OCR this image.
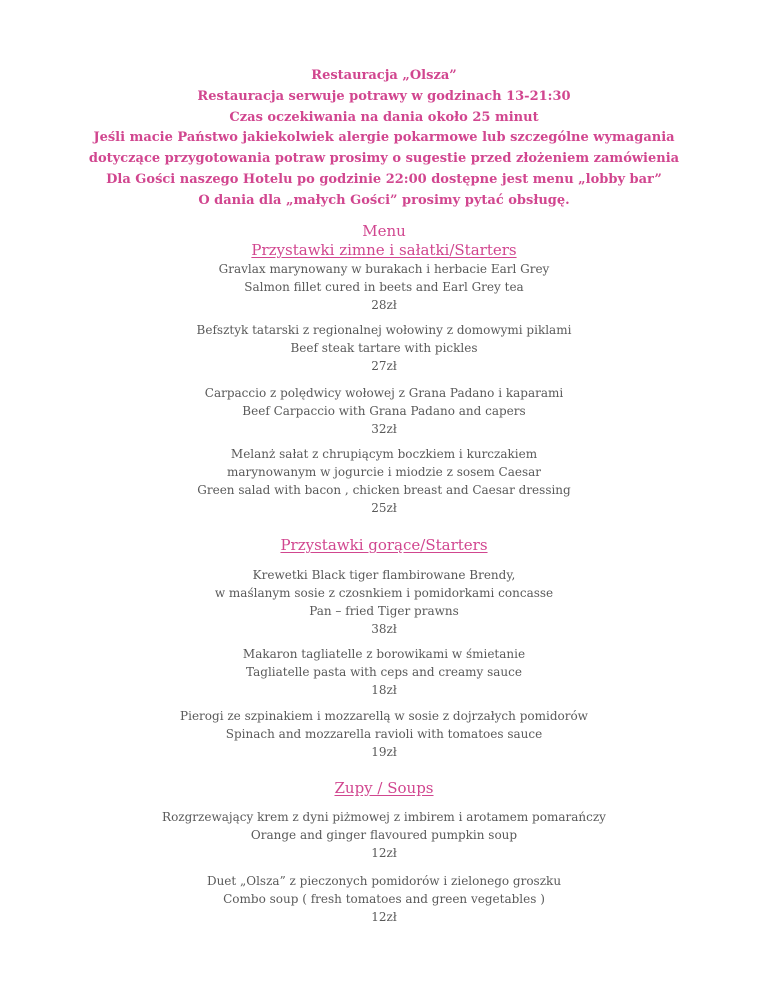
Restauracja „Olsza”
Restauracja serwuje potrawy w godzinach 13-21:30
Czas oczekiwania na dania około 25 minut
Jeśli macie Państwo jakiekolwiek alergie pokarmowe lub szczególne wymagania
dotyczące przygotowania potraw prosimy o sugestie przed złożeniem zamówienia
Dla Gości naszego Hotelu po godzinie 22:00 dostępne jest menu „lobby bar”
O dania dla „małych Gości” prosimy pytać obsługę.
Menu
Przystawki zimne i sałatki/Starters
Gravlax marynowany w burakach i herbacie Earl Grey
Salmon fillet cured in beets and Earl Grey tea
28zł
Befsztyk tatarski z regionalnej wołowiny z domowymi piklami
Beef steak tartare with pickles
27zł
Carpaccio z polędwicy wołowej z Grana Padano i kaparami
Beef Carpaccio with Grana Padano and capers
32zł
Melanż sałat z chrupiącym boczkiem i kurczakiem
marynowanym w jogurcie i miodzie z sosem Caesar
Green salad with bacon , chicken breast and Caesar dressing
25zł
Przystawki gorące/Starters
Krewetki Black tiger flambirowane Brendy,
w maślanym sosie z czosnkiem i pomidorkami concasse
Pan – fried Tiger prawns
38zł
Makaron tagliatelle z borowikami w śmietanie
Tagliatelle pasta with ceps and creamy sauce
18zł
Pierogi ze szpinakiem i mozzarellą w sosie z dojrzałych pomidorów
Spinach and mozzarella ravioli with tomatoes sauce
19zł
Zupy / Soups
Rozgrzewający krem z dyni piżmowej z imbirem i arotamem pomarańczy
Orange and ginger flavoured pumpkin soup
12zł
Duet „Olsza” z pieczonych pomidorów i zielonego groszku
Combo soup ( fresh tomatoes and green vegetables )
12zł
